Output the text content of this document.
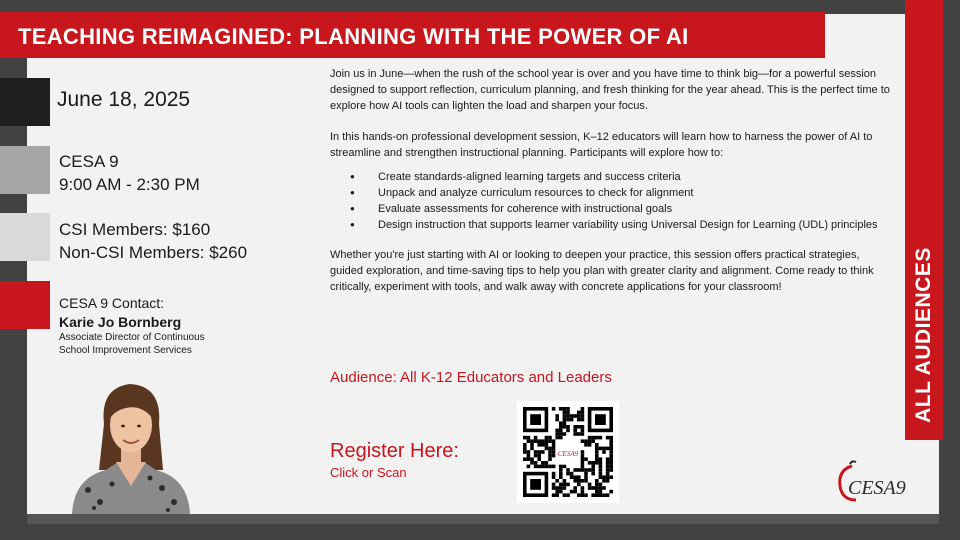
TEACHING REIMAGINED: PLANNING WITH THE POWER OF AI
ALL AUDIENCES
June 18, 2025
CESA 9
9:00 AM - 2:30 PM
CSI Members: $160
Non-CSI Members: $260
CESA 9 Contact:
Karie Jo Bornberg
Associate Director of Continuous
School Improvement Services

Join us in June—when the rush of the school year is over and you have time to think big—for a powerful session designed to support reflection, curriculum planning, and fresh thinking for the year ahead. This is the perfect time to explore how AI tools can lighten the load and sharpen your focus.

In this hands-on professional development session, K–12 educators will learn how to harness the power of AI to streamline and strengthen instructional planning. Participants will explore how to:

● Create standards-aligned learning targets and success criteria
● Unpack and analyze curriculum resources to check for alignment
● Evaluate assessments for coherence with instructional goals
● Design instruction that supports learner variability using Universal Design for Learning (UDL) principles

Whether you're just starting with AI or looking to deepen your practice, this session offers practical strategies, guided exploration, and time-saving tips to help you plan with greater clarity and alignment. Come ready to think critically, experiment with tools, and walk away with concrete applications for your classroom!

Audience: All K-12 Educators and Leaders
Register Here:
Click or Scan
CESA9
CESA9
